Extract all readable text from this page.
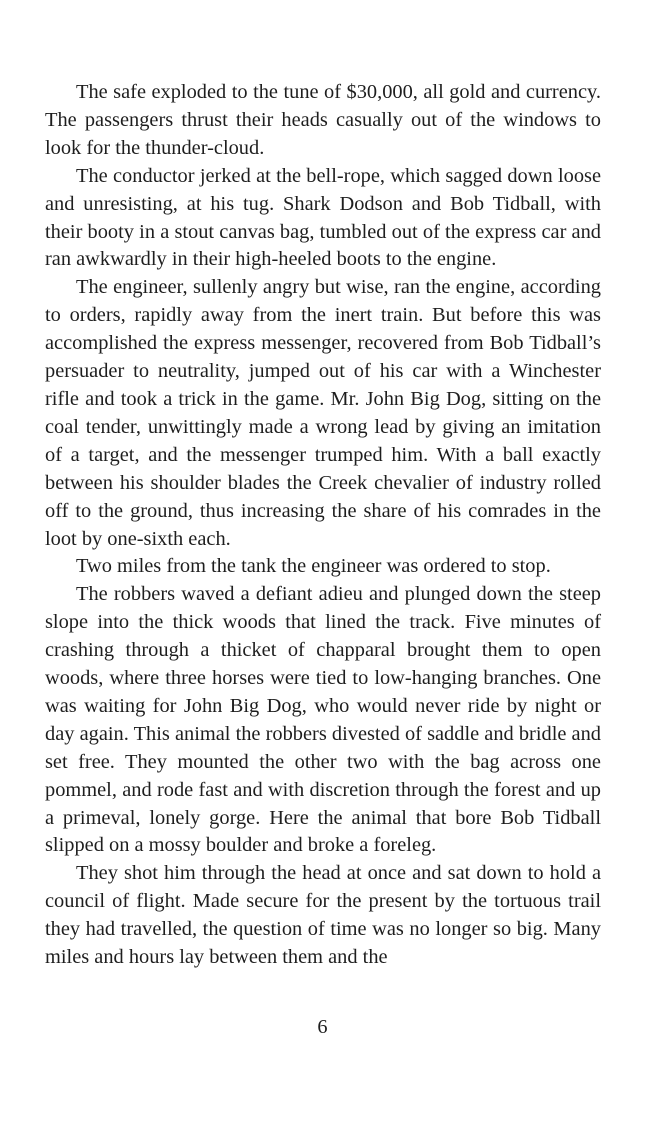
The safe exploded to the tune of $30,000, all gold and currency. The passengers thrust their heads casually out of the windows to look for the thunder-cloud.

The conductor jerked at the bell-rope, which sagged down loose and unresisting, at his tug. Shark Dodson and Bob Tidball, with their booty in a stout canvas bag, tumbled out of the express car and ran awkwardly in their high-heeled boots to the engine.

The engineer, sullenly angry but wise, ran the engine, according to orders, rapidly away from the inert train. But before this was accomplished the express messenger, recovered from Bob Tidball’s persuader to neutrality, jumped out of his car with a Winchester rifle and took a trick in the game. Mr. John Big Dog, sitting on the coal tender, unwittingly made a wrong lead by giving an imitation of a target, and the messenger trumped him. With a ball exactly between his shoulder blades the Creek chevalier of industry rolled off to the ground, thus increasing the share of his comrades in the loot by one-sixth each.

Two miles from the tank the engineer was ordered to stop.

The robbers waved a defiant adieu and plunged down the steep slope into the thick woods that lined the track. Five minutes of crashing through a thicket of chapparal brought them to open woods, where three horses were tied to low-hanging branches. One was waiting for John Big Dog, who would never ride by night or day again. This animal the robbers divested of saddle and bridle and set free. They mounted the other two with the bag across one pommel, and rode fast and with discretion through the forest and up a primeval, lonely gorge. Here the animal that bore Bob Tidball slipped on a mossy boulder and broke a foreleg.

They shot him through the head at once and sat down to hold a council of flight. Made secure for the present by the tortuous trail they had travelled, the question of time was no longer so big. Many miles and hours lay between them and the

6
